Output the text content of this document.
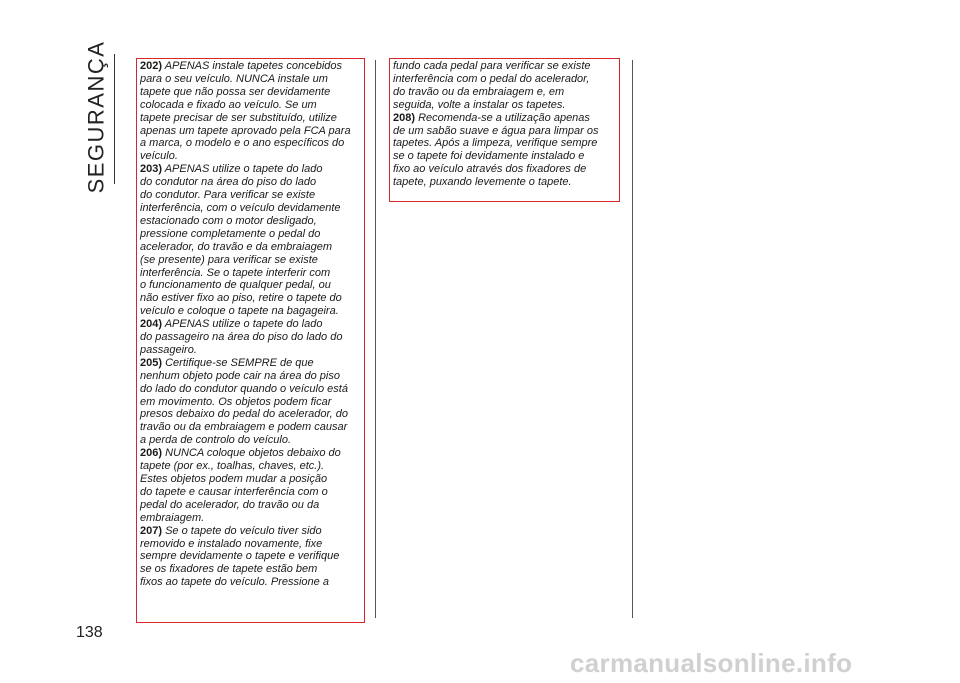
SEGURANÇA	202) APENAS instale tapetes concebidos
para o seu veículo. NUNCA instale um
tapete que não possa ser devidamente
colocada e fixado ao veículo. Se um
tapete precisar de ser substituído, utilize
apenas um tapete aprovado pela FCA para
a marca, o modelo e o ano específicos do
veículo.

203) APENAS utilize o tapete do lado
do condutor na área do piso do lado
do condutor. Para verificar se existe
interferência, com o veículo devidamente
estacionado com o motor desligado,
pressione completamente o pedal do
acelerador, do travão e da embraiagem
(se presente) para verificar se existe
interferência. Se o tapete interferir com
o funcionamento de qualquer pedal, ou
não estiver fixo ao piso, retire o tapete do
veículo e coloque o tapete na bagageira.

204) APENAS utilize o tapete do lado
do passageiro na área do piso do lado do
passageiro.

205) Certifique-se SEMPRE de que
nenhum objeto pode cair na área do piso
do lado do condutor quando o veículo está
em movimento. Os objetos podem ficar
presos debaixo do pedal do acelerador, do
travão ou da embraiagem e podem causar
a perda de controlo do veículo.

206) NUNCA coloque objetos debaixo do
tapete (por ex., toalhas, chaves, etc.).
Estes objetos podem mudar a posição
do tapete e causar interferência com o
pedal do acelerador, do travão ou da
embraiagem.

207) Se o tapete do veículo tiver sido
removido e instalado novamente, fixe
sempre devidamente o tapete e verifique
se os fixadores de tapete estão bem
fixos ao tapete do veículo. Pressione a

fundo cada pedal para verificar se existe
interferência com o pedal do acelerador,
do travão ou da embraiagem e, em
seguida, volte a instalar os tapetes.

208) Recomenda-se a utilização apenas
de um sabão suave e água para limpar os
tapetes. Após a limpeza, verifique sempre
se o tapete foi devidamente instalado e
fixo ao veículo através dos fixadores de
tapete, puxando levemente o tapete.

138
carmanualsonline.info
